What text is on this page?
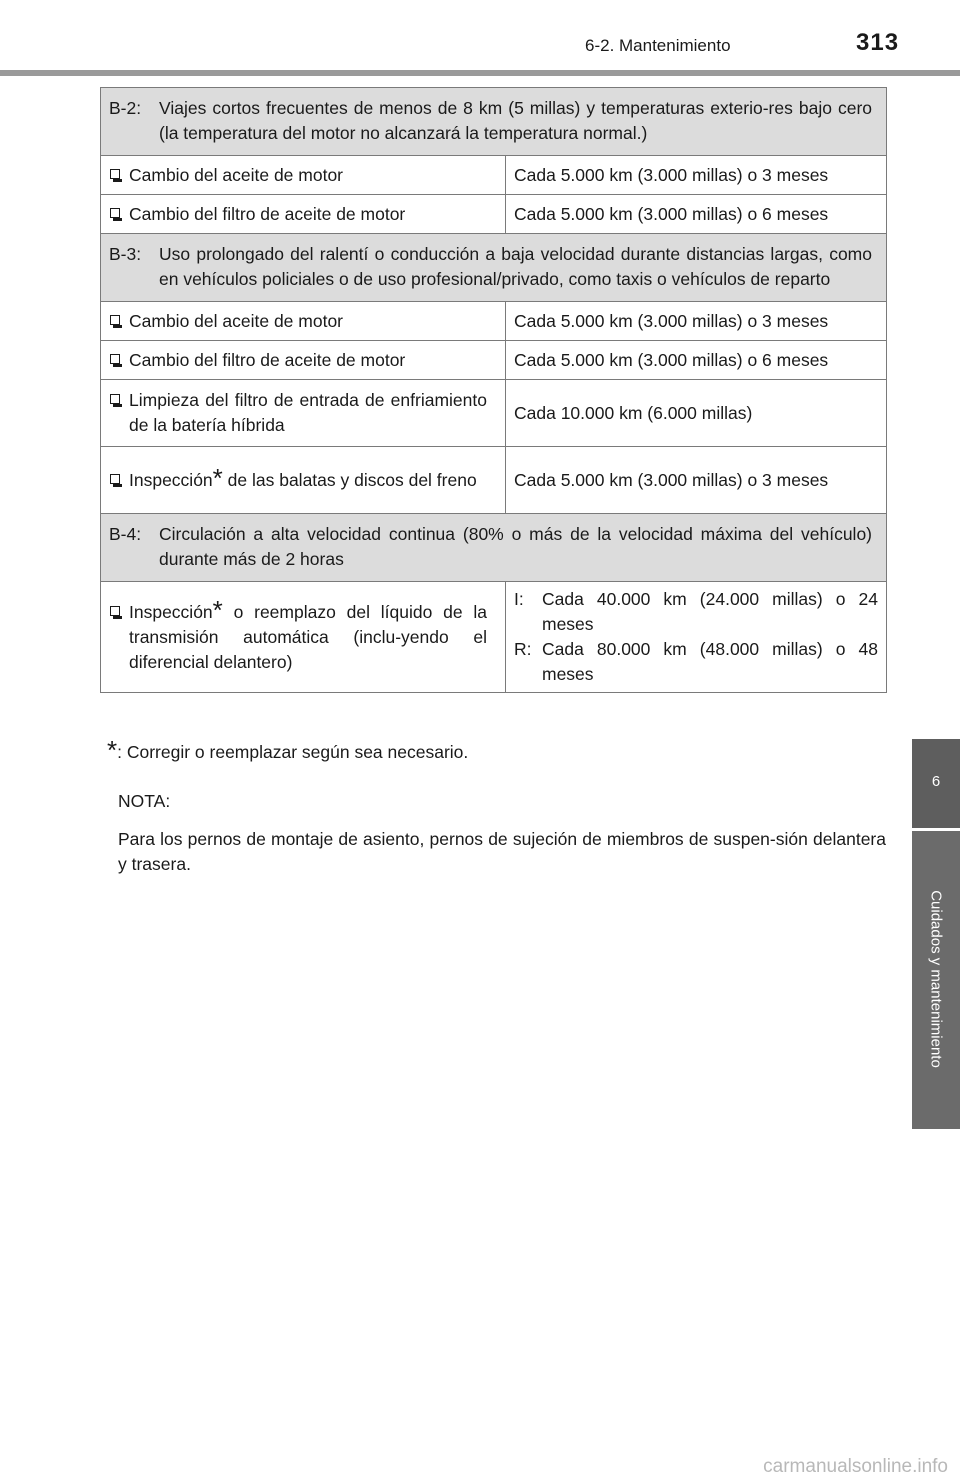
6-2. Mantenimiento	313
6
Cuidados y mantenimiento
B-2: Viajes cortos frecuentes de menos de 8 km (5 millas) y temperaturas exterio-res bajo cero (la temperatura del motor no alcanzará la temperatura normal.)	

Cambio del aceite de motor	Cada 5.000 km (3.000 millas) o 3 meses

Cambio del filtro de aceite de motor	Cada 5.000 km (3.000 millas) o 6 meses

B-3: Uso prolongado del ralentí o conducción a baja velocidad durante distancias largas, como en vehículos policiales o de uso profesional/privado, como taxis o vehículos de reparto	

Cambio del aceite de motor	Cada 5.000 km (3.000 millas) o 3 meses

Cambio del filtro de aceite de motor	Cada 5.000 km (3.000 millas) o 6 meses

Limpieza del filtro de entrada de enfriamiento de la batería híbrida	Cada 10.000 km (6.000 millas)

Inspección* de las balatas y discos del freno	Cada 5.000 km (3.000 millas) o 3 meses

B-4: Circulación a alta velocidad continua (80% o más de la velocidad máxima del vehículo) durante más de 2 horas	

Inspección* o reemplazo del líquido de la transmisión automática (inclu-yendo el diferencial delantero)	I: Cada 40.000 km (24.000 millas) o 24 meses
R: Cada 80.000 km (48.000 millas) o 48 meses
*: Corregir o reemplazar según sea necesario.

NOTA:

Para los pernos de montaje de asiento, pernos de sujeción de miembros de suspen-sión delantera y trasera.

carmanualsonline.info
